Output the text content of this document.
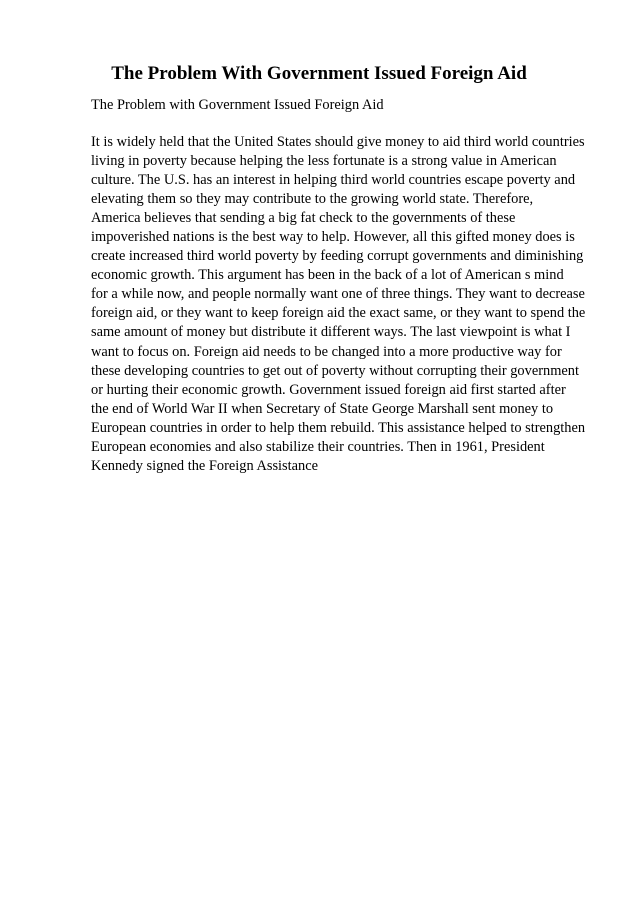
The Problem With Government Issued Foreign Aid

The Problem with Government Issued Foreign Aid

It is widely held that the United States should give money to aid third world countries
living in poverty because helping the less fortunate is a strong value in American
culture. The U.S. has an interest in helping third world countries escape poverty and
elevating them so they may contribute to the growing world state. Therefore,
America believes that sending a big fat check to the governments of these
impoverished nations is the best way to help. However, all this gifted money does is
create increased third world poverty by feeding corrupt governments and diminishing
economic growth. This argument has been in the back of a lot of American s mind
for a while now, and people normally want one of three things. They want to decrease
foreign aid, or they want to keep foreign aid the exact same, or they want to spend the
same amount of money but distribute it different ways. The last viewpoint is what I
want to focus on. Foreign aid needs to be changed into a more productive way for
these developing countries to get out of poverty without corrupting their government
or hurting their economic growth. Government issued foreign aid first started after
the end of World War II when Secretary of State George Marshall sent money to
European countries in order to help them rebuild. This assistance helped to strengthen
European economies and also stabilize their countries. Then in 1961, President
Kennedy signed the Foreign Assistance
